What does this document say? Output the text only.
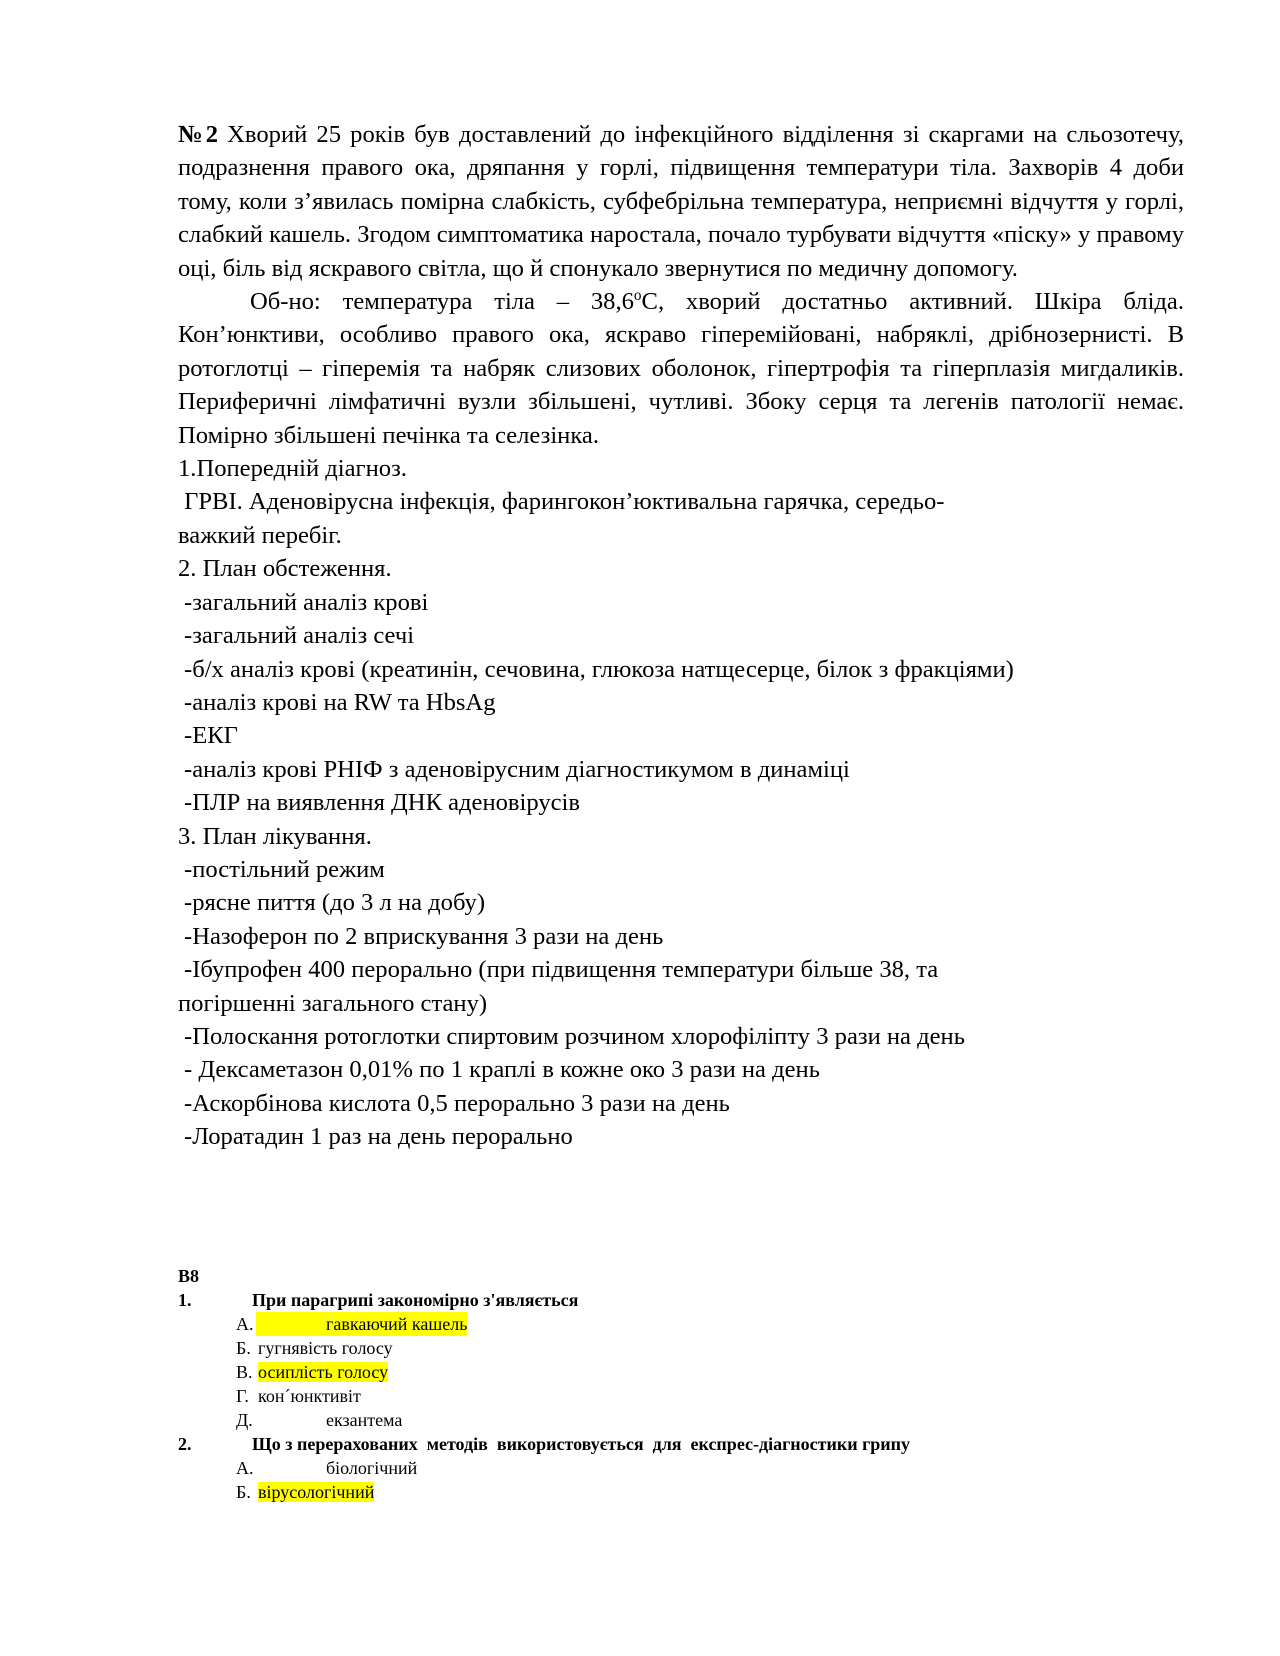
№2 Хворий 25 років був доставлений до інфекційного відділення зі скаргами на сльозотечу, подразнення правого ока, дряпання у горлі, підвищення температури тіла. Захворів 4 доби тому, коли з’явилась помірна слабкість, субфебрільна температура, неприємні відчуття у горлі, слабкий кашель. Згодом симптоматика наростала, почало турбувати відчуття «піску» у правому оці, біль від яскравого світла, що й спонукало звернутися по медичну допомогу.

Об-но: температура тіла – $38,6^оС$, хворий достатньо активний. Шкіра бліда. Кон’юнктиви, особливо правого ока, яскраво гіперемійовані, набряклі, дрібнозернисті. В ротоглотці – гіперемія та набряк слизових оболонок, гіпертрофія та гіперплазія мигдаликів. Периферичні лімфатичні вузли збільшені, чутливі. Збоку серця та легенів патології немає. Помірно збільшені печінка та селезінка.

1.Попередній діагноз.

ГРВІ. Аденовірусна інфекція, фарингокон’юктивальна гарячка, середьо-

важкий перебіг.

2. План обстеження.

-загальний аналіз крові

-загальний аналіз сечі

-б/х аналіз крові (креатинін, сечовина, глюкоза натщесерце, білок з фракціями)

-аналіз крові на RW та HbsAg

-ЕКГ

-аналіз крові РНІФ з аденовірусним діагностикумом в динаміці

-ПЛР на виявлення ДНК аденовірусів

3. План лікування.

-постільний режим

-рясне пиття (до 3 л на добу)

-Назоферон по 2 вприскування 3 рази на день

-Ібупрофен 400 перорально (при підвищення температури більше 38, та

погіршенні загального стану)

-Полоскання ротоглотки спиртовим розчином хлорофіліпту 3 рази на день

- Дексаметазон 0,01% по 1 краплі в кожне око 3 рази на день

-Аскорбінова кислота 0,5 перорально 3 рази на день

-Лоратадин 1 раз на день перорально

В8

1.	При парагрипі закономірно з'являється

А.	гавкаючий кашель

Б. гугнявість голосу

В. осиплість голосу

Г. кон´юнктивіт

Д.	екзантема

2.	Що з перерахованих  методів  використовується  для  експрес-діагностики грипу

А.	біологічний

Б. вірусологічний
